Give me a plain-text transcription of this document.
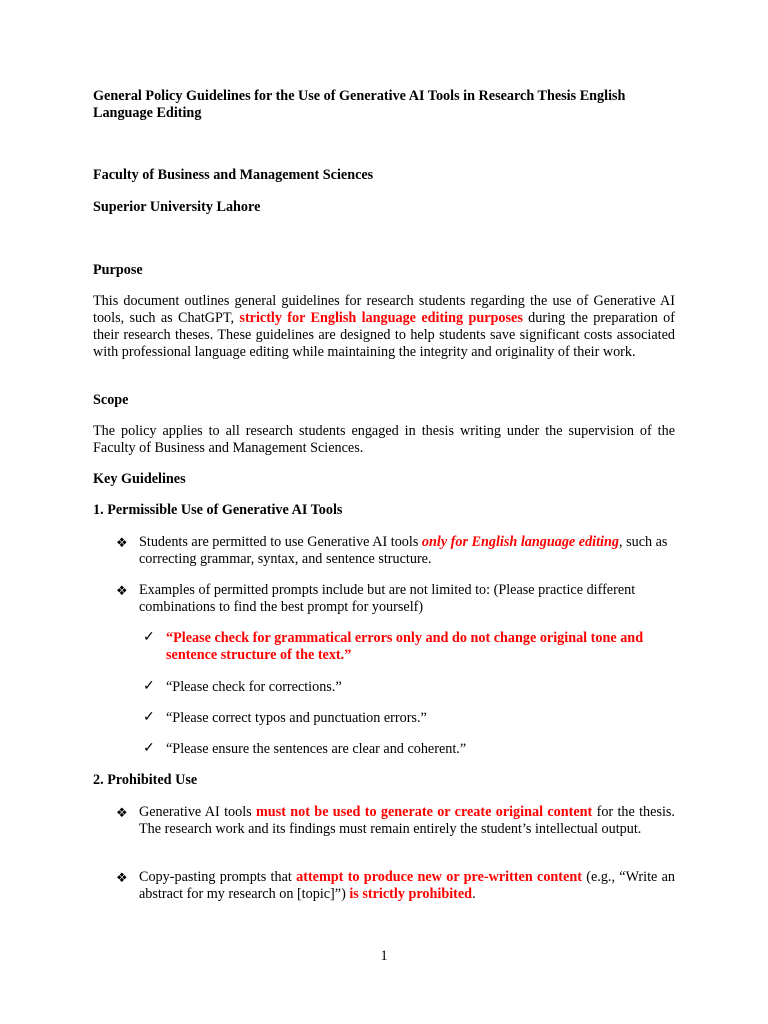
General Policy Guidelines for the Use of Generative AI Tools in Research Thesis English Language Editing
Faculty of Business and Management Sciences
Superior University Lahore
Purpose
This document outlines general guidelines for research students regarding the use of Generative AI tools, such as ChatGPT, strictly for English language editing purposes during the preparation of their research theses. These guidelines are designed to help students save significant costs associated with professional language editing while maintaining the integrity and originality of their work.
Scope
The policy applies to all research students engaged in thesis writing under the supervision of the Faculty of Business and Management Sciences.
Key Guidelines
1. Permissible Use of Generative AI Tools
❖ Students are permitted to use Generative AI tools only for English language editing, such as correcting grammar, syntax, and sentence structure.
❖ Examples of permitted prompts include but are not limited to: (Please practice different combinations to find the best prompt for yourself)
✓ “Please check for grammatical errors only and do not change original tone and sentence structure of the text.”
✓ “Please check for corrections.”
✓ “Please correct typos and punctuation errors.”
✓ “Please ensure the sentences are clear and coherent.”
2. Prohibited Use
❖ Generative AI tools must not be used to generate or create original content for the thesis. The research work and its findings must remain entirely the student’s intellectual output.
❖ Copy-pasting prompts that attempt to produce new or pre-written content (e.g., “Write an abstract for my research on [topic]”) is strictly prohibited.
1
